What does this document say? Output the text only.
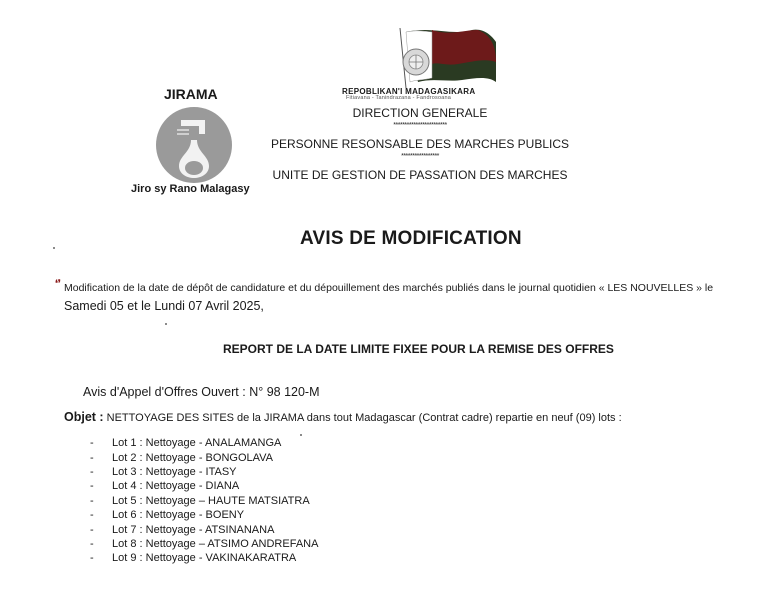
JIRAMA
Jiro sy Rano Malagasy
REPOBLIKAN'I MADAGASIKARA
Fitiavana - Tanindrazana - Fandrosoana
DIRECTION GENERALE
************************
PERSONNE RESONSABLE DES MARCHES PUBLICS
*****************
UNITE DE GESTION DE PASSATION DES MARCHES
AVIS DE MODIFICATION
❛❜ Modification de la date de dépôt de candidature et du dépouillement des marchés publiés dans le journal quotidien « LES NOUVELLES » le
Samedi 05 et le Lundi 07 Avril 2025,
REPORT DE LA DATE LIMITE FIXEE POUR LA REMISE DES OFFRES
Avis d'Appel d'Offres Ouvert : N° 98 120-M
Objet : NETTOYAGE DES SITES de la JIRAMA dans tout Madagascar (Contrat cadre) repartie en neuf (09) lots :
-	Lot 1 : Nettoyage - ANALAMANGA
-	Lot 2 : Nettoyage - BONGOLAVA
-	Lot 3 : Nettoyage - ITASY
-	Lot 4 : Nettoyage - DIANA
-	Lot 5 : Nettoyage – HAUTE MATSIATRA
-	Lot 6 : Nettoyage - BOENY
-	Lot 7 : Nettoyage - ATSINANANA
-	Lot 8 : Nettoyage – ATSIMO ANDREFANA
-	Lot 9 : Nettoyage - VAKINAKARATRA
